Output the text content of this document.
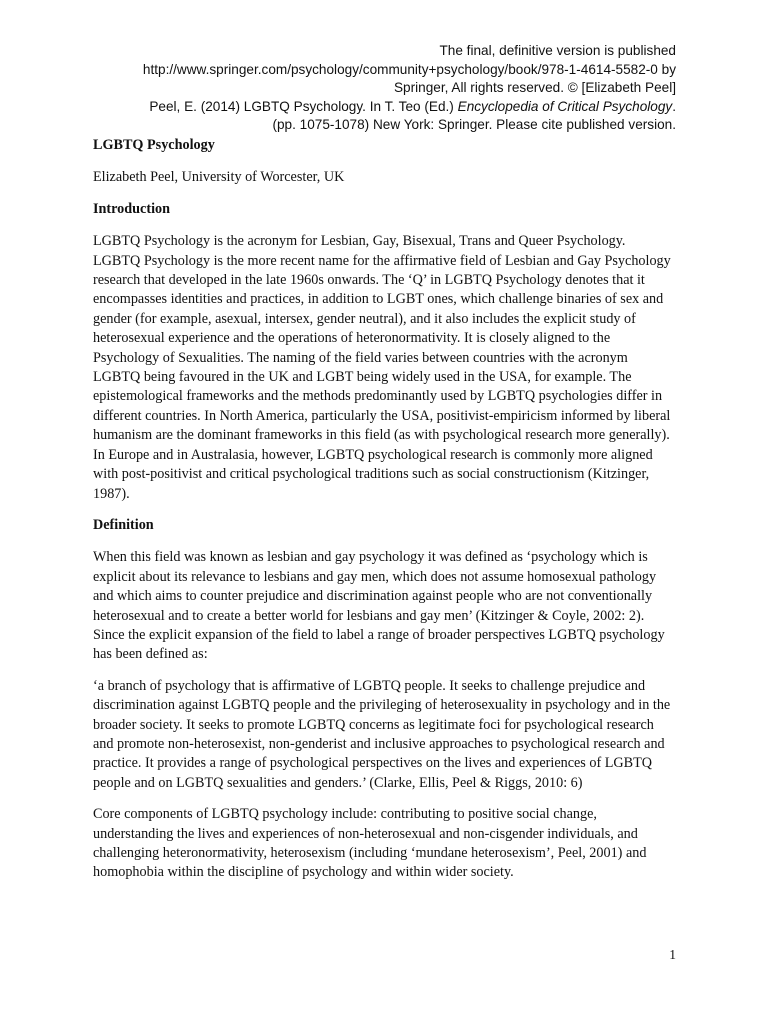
The final, definitive version is published
http://www.springer.com/psychology/community+psychology/book/978-1-4614-5582-0 by
Springer, All rights reserved. © [Elizabeth Peel]
Peel, E. (2014) LGBTQ Psychology. In T. Teo (Ed.) Encyclopedia of Critical Psychology.
(pp. 1075-1078) New York: Springer. Please cite published version.

LGBTQ Psychology

Elizabeth Peel, University of Worcester, UK

Introduction

LGBTQ Psychology is the acronym for Lesbian, Gay, Bisexual, Trans and Queer Psychology. LGBTQ Psychology is the more recent name for the affirmative field of Lesbian and Gay Psychology research that developed in the late 1960s onwards. The ‘Q’ in LGBTQ Psychology denotes that it encompasses identities and practices, in addition to LGBT ones, which challenge binaries of sex and gender (for example, asexual, intersex, gender neutral), and it also includes the explicit study of heterosexual experience and the operations of heteronormativity. It is closely aligned to the Psychology of Sexualities. The naming of the field varies between countries with the acronym LGBTQ being favoured in the UK and LGBT being widely used in the USA, for example. The epistemological frameworks and the methods predominantly used by LGBTQ psychologies differ in different countries. In North America, particularly the USA, positivist-empiricism informed by liberal humanism are the dominant frameworks in this field (as with psychological research more generally). In Europe and in Australasia, however, LGBTQ psychological research is commonly more aligned with post-positivist and critical psychological traditions such as social constructionism (Kitzinger, 1987).

Definition

When this field was known as lesbian and gay psychology it was defined as ‘psychology which is explicit about its relevance to lesbians and gay men, which does not assume homosexual pathology and which aims to counter prejudice and discrimination against people who are not conventionally heterosexual and to create a better world for lesbians and gay men’ (Kitzinger & Coyle, 2002: 2). Since the explicit expansion of the field to label a range of broader perspectives LGBTQ psychology has been defined as:

‘a branch of psychology that is affirmative of LGBTQ people. It seeks to challenge prejudice and discrimination against LGBTQ people and the privileging of heterosexuality in psychology and in the broader society. It seeks to promote LGBTQ concerns as legitimate foci for psychological research and promote non-heterosexist, non-genderist and inclusive approaches to psychological research and practice. It provides a range of psychological perspectives on the lives and experiences of LGBTQ people and on LGBTQ sexualities and genders.’ (Clarke, Ellis, Peel & Riggs, 2010: 6)

Core components of LGBTQ psychology include: contributing to positive social change, understanding the lives and experiences of non-heterosexual and non-cisgender individuals, and challenging heteronormativity, heterosexism (including ‘mundane heterosexism’, Peel, 2001) and homophobia within the discipline of psychology and within wider society.

1
